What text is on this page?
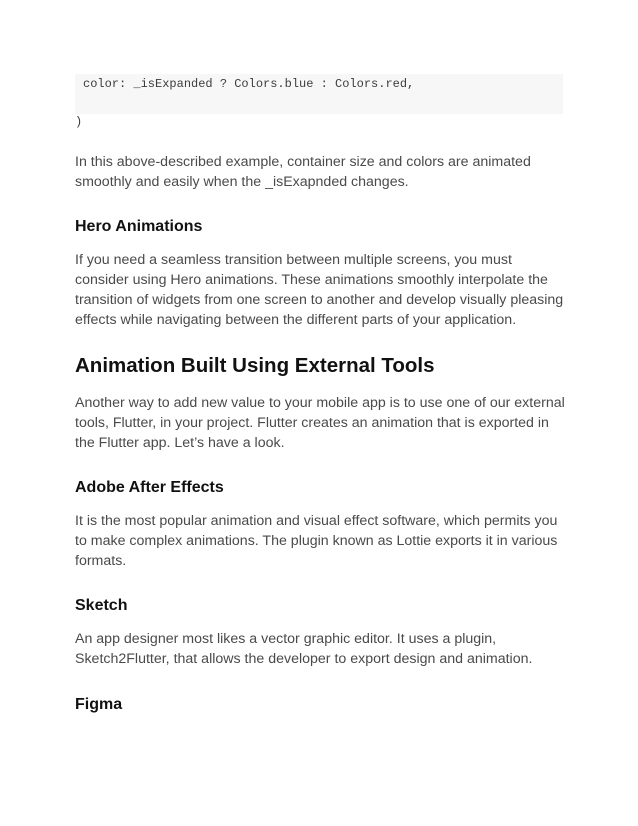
color: _isExpanded ? Colors.blue : Colors.red,
)

In this above-described example, container size and colors are animated smoothly and easily when the _isExapnded changes.

Hero Animations

If you need a seamless transition between multiple screens, you must consider using Hero animations. These animations smoothly interpolate the transition of widgets from one screen to another and develop visually pleasing effects while navigating between the different parts of your application.

Animation Built Using External Tools

Another way to add new value to your mobile app is to use one of our external tools, Flutter, in your project. Flutter creates an animation that is exported in the Flutter app. Let’s have a look.

Adobe After Effects

It is the most popular animation and visual effect software, which permits you to make complex animations. The plugin known as Lottie exports it in various formats.

Sketch

An app designer most likes a vector graphic editor. It uses a plugin, Sketch2Flutter, that allows the developer to export design and animation.

Figma
